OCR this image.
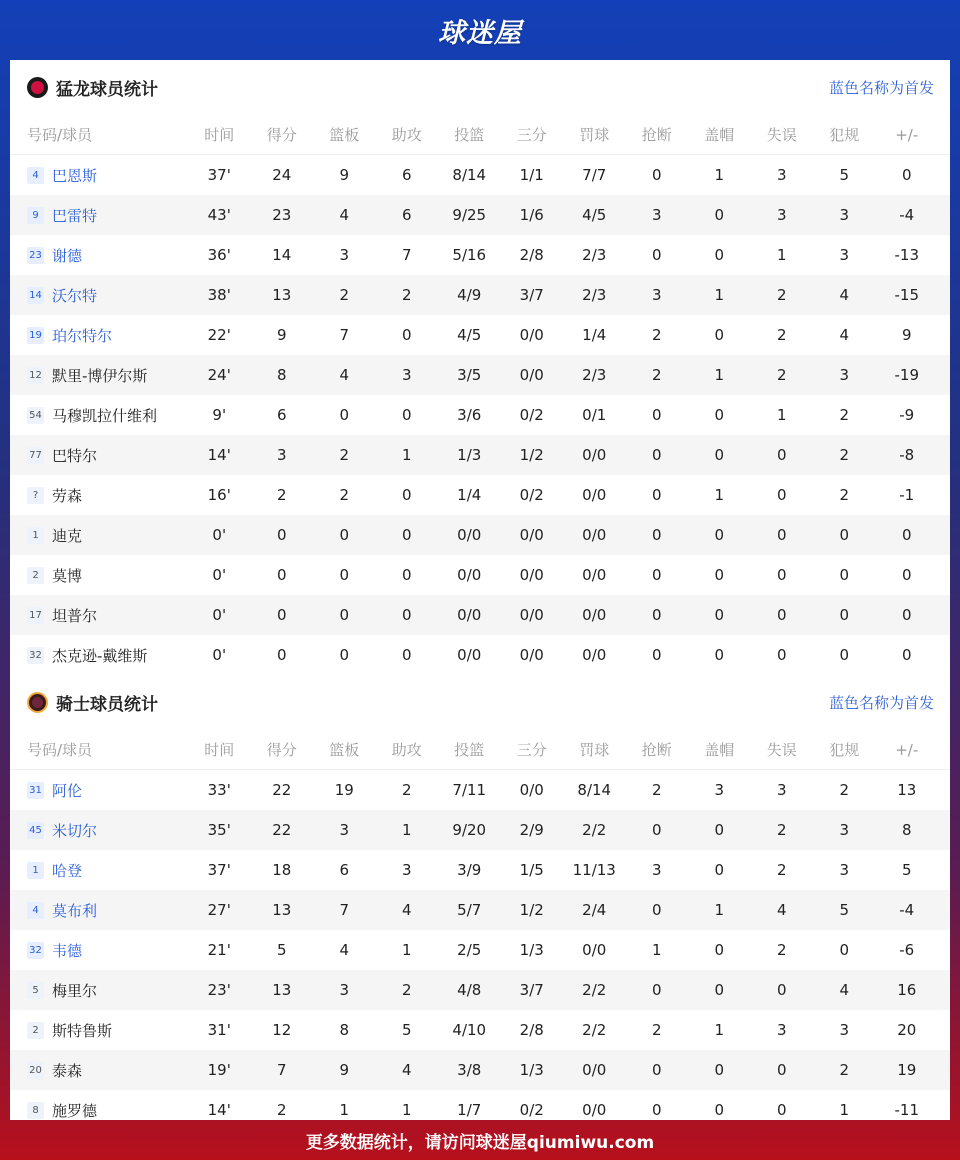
球迷屋
猛龙球员统计	蓝色名称为首发
号码/球员	时间	得分	篮板	助攻	投篮	三分	罚球	抢断	盖帽	失误	犯规	+/-
4 巴恩斯	37'	24	9	6	8/14	1/1	7/7	0	1	3	5	0
9 巴雷特	43'	23	4	6	9/25	1/6	4/5	3	0	3	3	-4
23 谢德	36'	14	3	7	5/16	2/8	2/3	0	0	1	3	-13
14 沃尔特	38'	13	2	2	4/9	3/7	2/3	3	1	2	4	-15
19 珀尔特尔	22'	9	7	0	4/5	0/0	1/4	2	0	2	4	9
12 默里-博伊尔斯	24'	8	4	3	3/5	0/0	2/3	2	1	2	3	-19
54 马穆凯拉什维利	9'	6	0	0	3/6	0/2	0/1	0	0	1	2	-9
77 巴特尔	14'	3	2	1	1/3	1/2	0/0	0	0	0	2	-8
? 劳森	16'	2	2	0	1/4	0/2	0/0	0	1	0	2	-1
1 迪克	0'	0	0	0	0/0	0/0	0/0	0	0	0	0	0
2 莫博	0'	0	0	0	0/0	0/0	0/0	0	0	0	0	0
17 坦普尔	0'	0	0	0	0/0	0/0	0/0	0	0	0	0	0
32 杰克逊-戴维斯	0'	0	0	0	0/0	0/0	0/0	0	0	0	0	0
骑士球员统计	蓝色名称为首发
号码/球员	时间	得分	篮板	助攻	投篮	三分	罚球	抢断	盖帽	失误	犯规	+/-
31 阿伦	33'	22	19	2	7/11	0/0	8/14	2	3	3	2	13
45 米切尔	35'	22	3	1	9/20	2/9	2/2	0	0	2	3	8
1 哈登	37'	18	6	3	3/9	1/5	11/13	3	0	2	3	5
4 莫布利	27'	13	7	4	5/7	1/2	2/4	0	1	4	5	-4
32 韦德	21'	5	4	1	2/5	1/3	0/0	1	0	2	0	-6
5 梅里尔	23'	13	3	2	4/8	3/7	2/2	0	0	0	4	16
2 斯特鲁斯	31'	12	8	5	4/10	2/8	2/2	2	1	3	3	20
20 泰森	19'	7	9	4	3/8	1/3	0/0	0	0	0	2	19
8 施罗德	14'	2	1	1	1/7	0/2	0/0	0	0	0	1	-11
更多数据统计，请访问球迷屋qiumiwu.com
